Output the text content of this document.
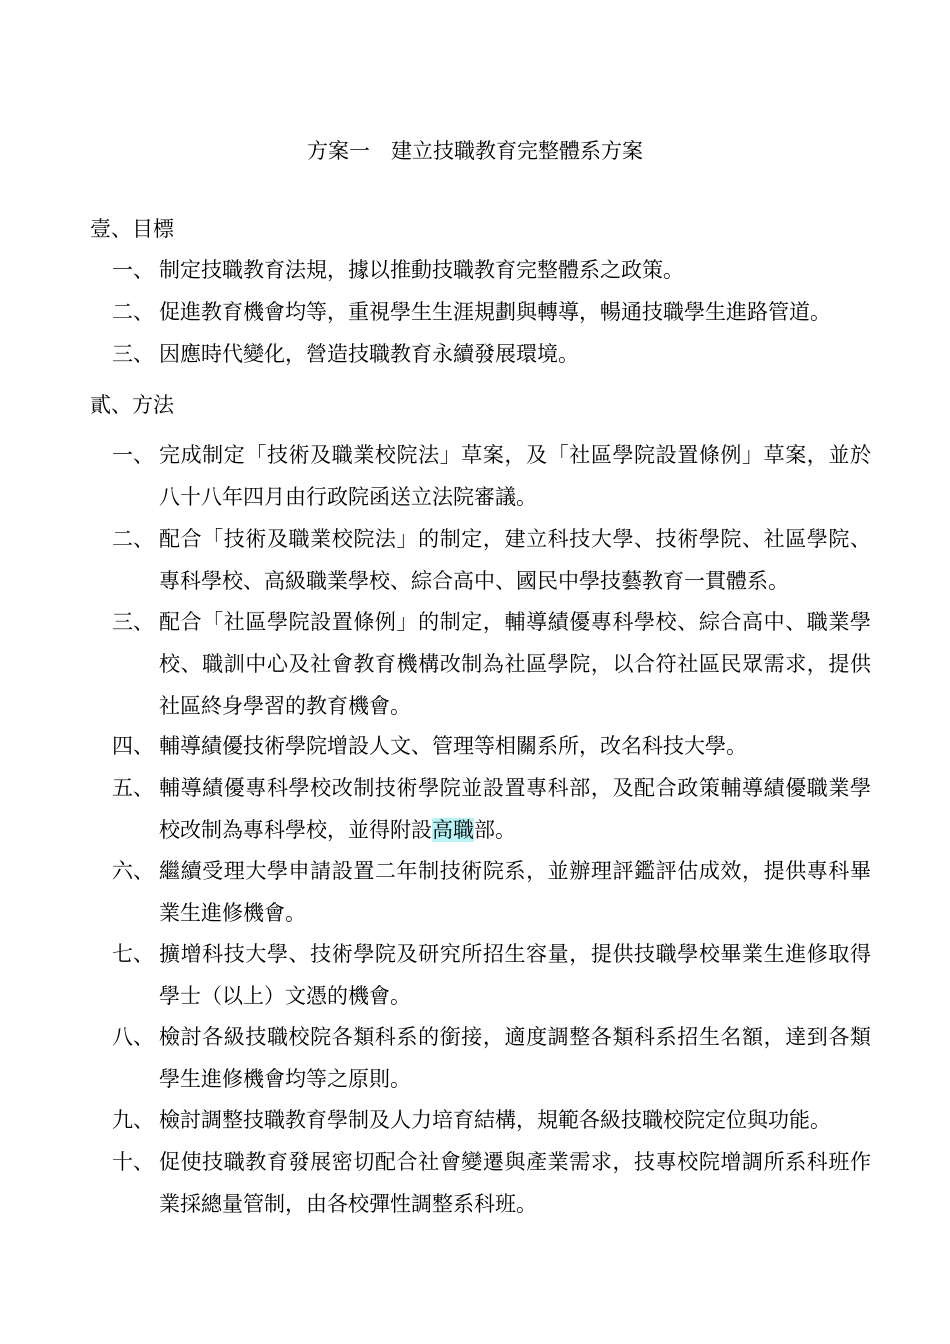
方案一　建立技職教育完整體系方案
壹、目標
一、 制定技職教育法規，據以推動技職教育完整體系之政策。
二、 促進教育機會均等，重視學生生涯規劃與轉導，暢通技職學生進路管道。
三、 因應時代變化，營造技職教育永續發展環境。
貳、方法
一、 完成制定「技術及職業校院法」草案，及「社區學院設置條例」草案，並於八十八年四月由行政院函送立法院審議。
二、 配合「技術及職業校院法」的制定，建立科技大學、技術學院、社區學院、專科學校、高級職業學校、綜合高中、國民中學技藝教育一貫體系。
三、 配合「社區學院設置條例」的制定，輔導績優專科學校、綜合高中、職業學校、職訓中心及社會教育機構改制為社區學院，以合符社區民眾需求，提供社區終身學習的教育機會。
四、 輔導績優技術學院增設人文、管理等相關系所，改名科技大學。
五、 輔導績優專科學校改制技術學院並設置專科部，及配合政策輔導績優職業學校改制為專科學校，並得附設高職部。
六、 繼續受理大學申請設置二年制技術院系，並辦理評鑑評估成效，提供專科畢業生進修機會。
七、 擴增科技大學、技術學院及研究所招生容量，提供技職學校畢業生進修取得學士（以上）文憑的機會。
八、 檢討各級技職校院各類科系的銜接，適度調整各類科系招生名額，達到各類學生進修機會均等之原則。
九、 檢討調整技職教育學制及人力培育結構，規範各級技職校院定位與功能。
十、 促使技職教育發展密切配合社會變遷與產業需求，技專校院增調所系科班作業採總量管制，由各校彈性調整系科班。
